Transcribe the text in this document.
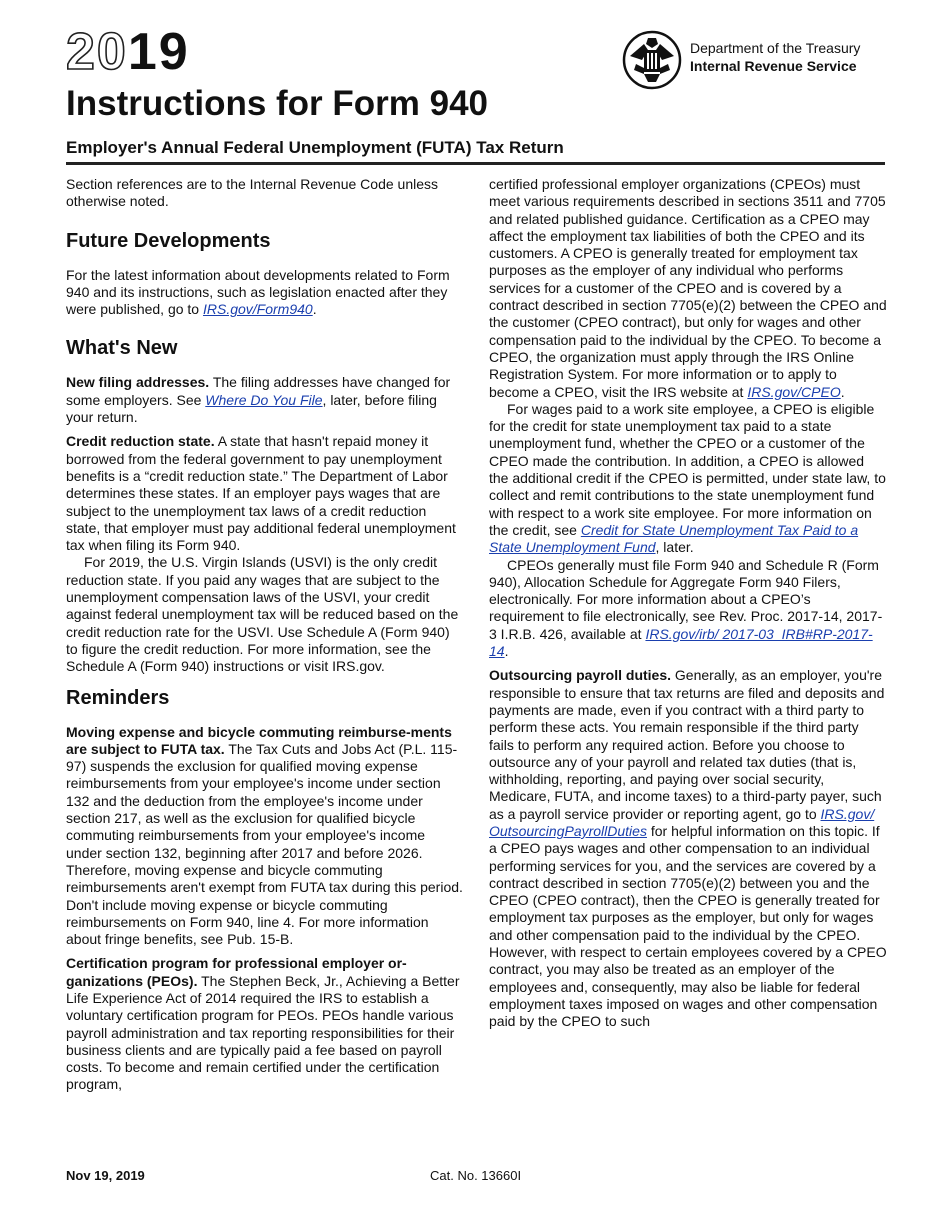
2019
Instructions for Form 940
Employer's Annual Federal Unemployment (FUTA) Tax Return
Department of the Treasury
Internal Revenue Service

Section references are to the Internal Revenue Code unless otherwise noted.

Future Developments

For the latest information about developments related to Form 940 and its instructions, such as legislation enacted after they were published, go to IRS.gov/Form940.

What's New

New filing addresses. The filing addresses have changed for some employers. See Where Do You File, later, before filing your return.

Credit reduction state. A state that hasn't repaid money it borrowed from the federal government to pay unemployment benefits is a “credit reduction state.” The Department of Labor determines these states. If an employer pays wages that are subject to the unemployment tax laws of a credit reduction state, that employer must pay additional federal unemployment tax when filing its Form 940.

For 2019, the U.S. Virgin Islands (USVI) is the only credit reduction state. If you paid any wages that are subject to the unemployment compensation laws of the USVI, your credit against federal unemployment tax will be reduced based on the credit reduction rate for the USVI. Use Schedule A (Form 940) to figure the credit reduction. For more information, see the Schedule A (Form 940) instructions or visit IRS.gov.

Reminders

Moving expense and bicycle commuting reimburse-ments are subject to FUTA tax. The Tax Cuts and Jobs Act (P.L. 115-97) suspends the exclusion for qualified moving expense reimbursements from your employee's income under section 132 and the deduction from the employee's income under section 217, as well as the exclusion for qualified bicycle commuting reimbursements from your employee's income under section 132, beginning after 2017 and before 2026. Therefore, moving expense and bicycle commuting reimbursements aren't exempt from FUTA tax during this period. Don't include moving expense or bicycle commuting reimbursements on Form 940, line 4. For more information about fringe benefits, see Pub. 15-B.

Certification program for professional employer or-ganizations (PEOs). The Stephen Beck, Jr., Achieving a Better Life Experience Act of 2014 required the IRS to establish a voluntary certification program for PEOs. PEOs handle various payroll administration and tax reporting responsibilities for their business clients and are typically paid a fee based on payroll costs. To become and remain certified under the certification program,

certified professional employer organizations (CPEOs) must meet various requirements described in sections 3511 and 7705 and related published guidance. Certification as a CPEO may affect the employment tax liabilities of both the CPEO and its customers. A CPEO is generally treated for employment tax purposes as the employer of any individual who performs services for a customer of the CPEO and is covered by a contract described in section 7705(e)(2) between the CPEO and the customer (CPEO contract), but only for wages and other compensation paid to the individual by the CPEO. To become a CPEO, the organization must apply through the IRS Online Registration System. For more information or to apply to become a CPEO, visit the IRS website at IRS.gov/CPEO.

For wages paid to a work site employee, a CPEO is eligible for the credit for state unemployment tax paid to a state unemployment fund, whether the CPEO or a customer of the CPEO made the contribution. In addition, a CPEO is allowed the additional credit if the CPEO is permitted, under state law, to collect and remit contributions to the state unemployment fund with respect to a work site employee. For more information on the credit, see Credit for State Unemployment Tax Paid to a State Unemployment Fund, later.

CPEOs generally must file Form 940 and Schedule R (Form 940), Allocation Schedule for Aggregate Form 940 Filers, electronically. For more information about a CPEO’s requirement to file electronically, see Rev. Proc. 2017-14, 2017-3 I.R.B. 426, available at IRS.gov/irb/ 2017-03_IRB#RP-2017-14.

Outsourcing payroll duties. Generally, as an employer, you're responsible to ensure that tax returns are filed and deposits and payments are made, even if you contract with a third party to perform these acts. You remain responsible if the third party fails to perform any required action. Before you choose to outsource any of your payroll and related tax duties (that is, withholding, reporting, and paying over social security, Medicare, FUTA, and income taxes) to a third-party payer, such as a payroll service provider or reporting agent, go to IRS.gov/ OutsourcingPayrollDuties for helpful information on this topic. If a CPEO pays wages and other compensation to an individual performing services for you, and the services are covered by a contract described in section 7705(e)(2) between you and the CPEO (CPEO contract), then the CPEO is generally treated for employment tax purposes as the employer, but only for wages and other compensation paid to the individual by the CPEO. However, with respect to certain employees covered by a CPEO contract, you may also be treated as an employer of the employees and, consequently, may also be liable for federal employment taxes imposed on wages and other compensation paid by the CPEO to such

Nov 19, 2019	Cat. No. 13660I
